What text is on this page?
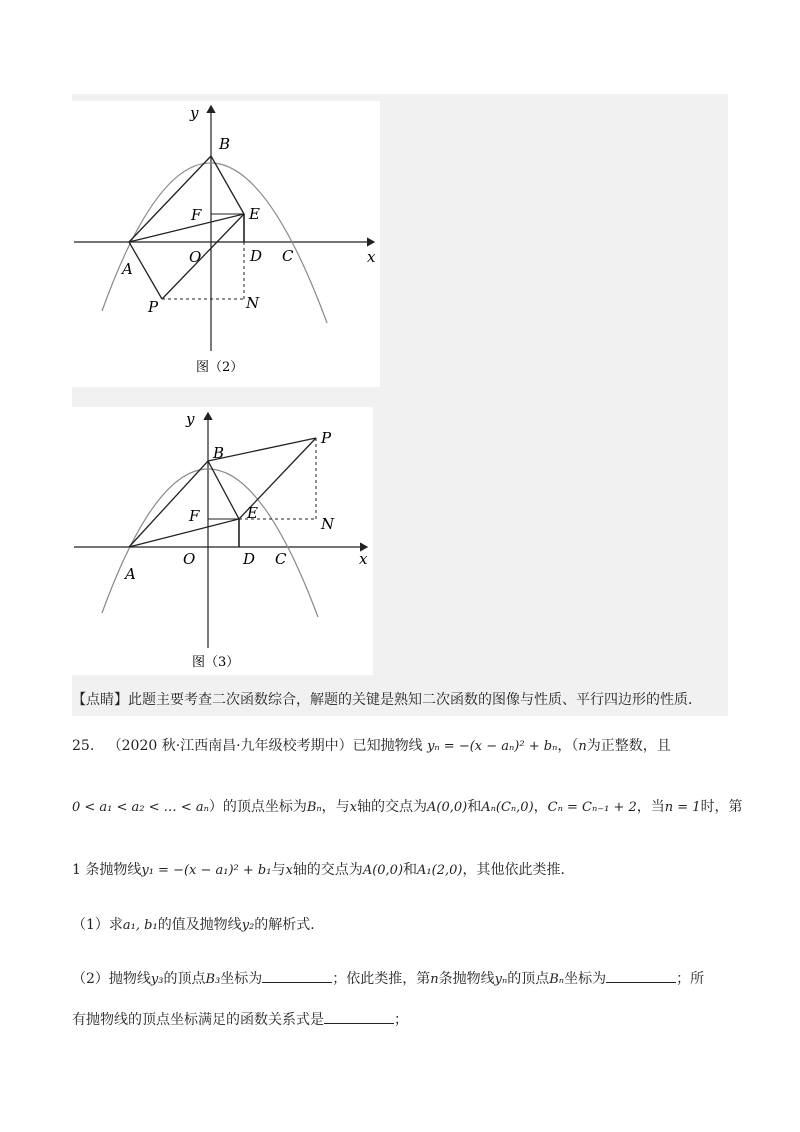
y
x
B
F	E
O	D C
A
P	N
图（2）
y
x
B
P
F	E
N
O	D C
A
图（3）
【点睛】此题主要考查二次函数综合，解题的关键是熟知二次函数的图像与性质、平行四边形的性质．
25. （2020 秋·江西南昌·九年级校考期中）已知抛物线 yₙ = −(x − aₙ)² + bₙ，（n为正整数，且
0 < a₁ < a₂ < … < aₙ）的顶点坐标为Bₙ，与x轴的交点为A(0,0)和Aₙ(Cₙ,0)，Cₙ = Cₙ₋₁ + 2，当n = 1时，第
1 条抛物线y₁ = −(x − a₁)² + b₁与x轴的交点为A(0,0)和A₁(2,0)，其他依此类推．
（1）求a₁, b₁的值及抛物线y₂的解析式．
（2）抛物线y₃的顶点B₃坐标为	；依此类推，第n条抛物线yₙ的顶点Bₙ坐标为	；所
有抛物线的顶点坐标满足的函数关系式是	；
